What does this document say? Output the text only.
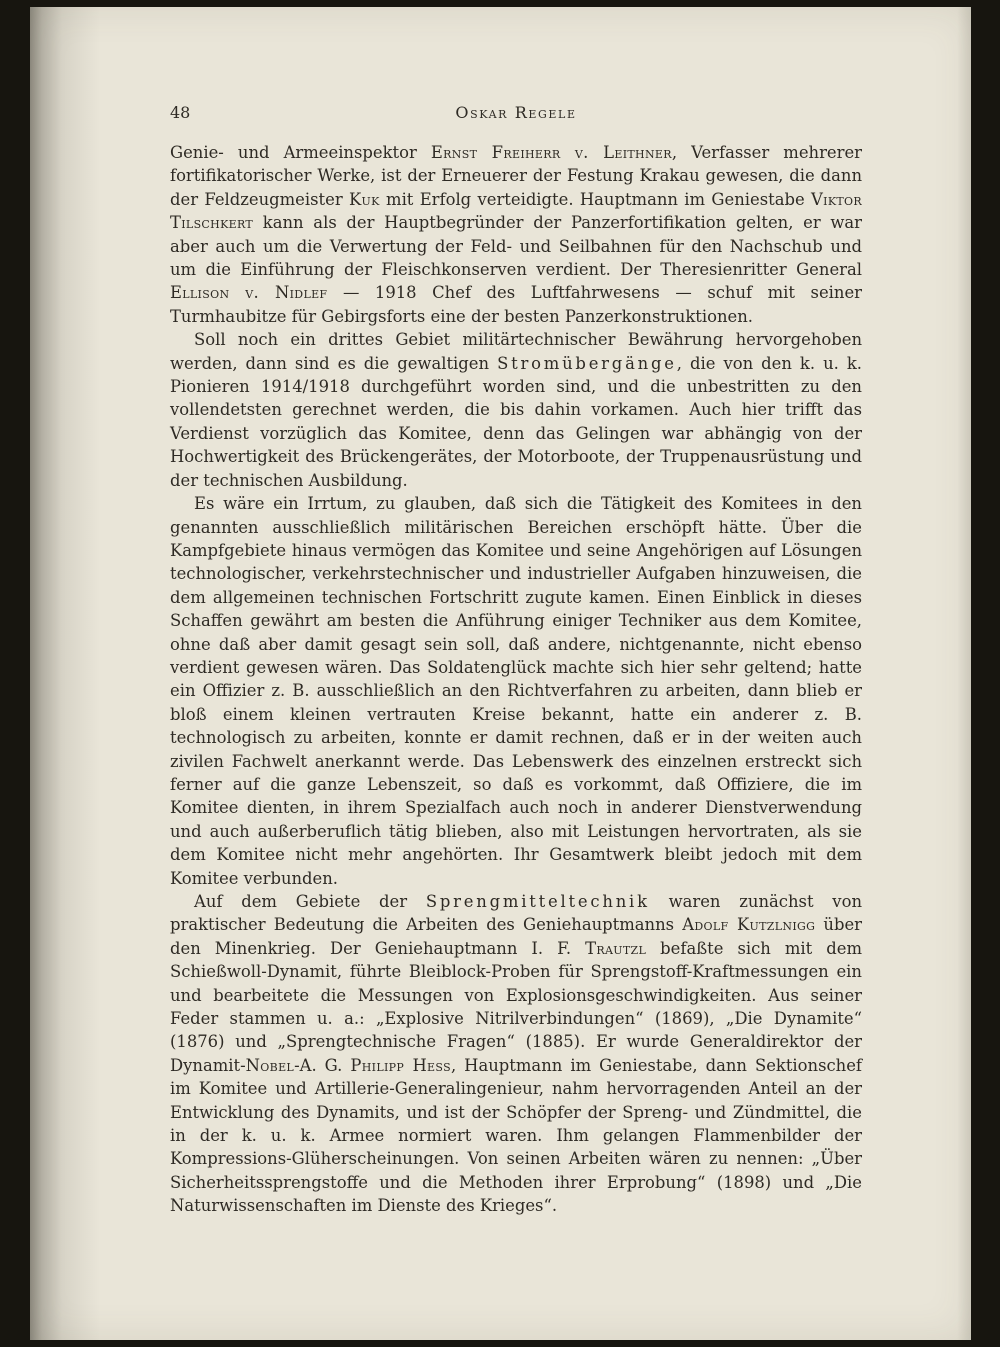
48	Oskar Regele

Genie- und Armeeinspektor Ernst Freiherr v. Leithner, Verfasser mehrerer fortifikatorischer Werke, ist der Erneuerer der Festung Krakau gewesen, die dann der Feldzeugmeister Kuk mit Erfolg verteidigte. Hauptmann im Geniestabe Viktor Tilschkert kann als der Hauptbegründer der Panzerfortifikation gelten, er war aber auch um die Verwertung der Feld- und Seilbahnen für den Nachschub und um die Einführung der Fleischkonserven verdient. Der Theresienritter General Ellison v. Nidlef — 1918 Chef des Luftfahrwesens — schuf mit seiner Turmhaubitze für Gebirgsforts eine der besten Panzerkonstruktionen.

Soll noch ein drittes Gebiet militärtechnischer Bewährung hervorgehoben werden, dann sind es die gewaltigen Stromübergänge, die von den k. u. k. Pionieren 1914/1918 durchgeführt worden sind, und die unbestritten zu den vollendetsten gerechnet werden, die bis dahin vorkamen. Auch hier trifft das Verdienst vorzüglich das Komitee, denn das Gelingen war abhängig von der Hochwertigkeit des Brückengerätes, der Motorboote, der Truppenausrüstung und der technischen Ausbildung.

Es wäre ein Irrtum, zu glauben, daß sich die Tätigkeit des Komitees in den genannten ausschließlich militärischen Bereichen erschöpft hätte. Über die Kampfgebiete hinaus vermögen das Komitee und seine Angehörigen auf Lösungen technologischer, verkehrstechnischer und industrieller Aufgaben hinzuweisen, die dem allgemeinen technischen Fortschritt zugute kamen. Einen Einblick in dieses Schaffen gewährt am besten die Anführung einiger Techniker aus dem Komitee, ohne daß aber damit gesagt sein soll, daß andere, nichtgenannte, nicht ebenso verdient gewesen wären. Das Soldatenglück machte sich hier sehr geltend; hatte ein Offizier z. B. ausschließlich an den Richtverfahren zu arbeiten, dann blieb er bloß einem kleinen vertrauten Kreise bekannt, hatte ein anderer z. B. technologisch zu arbeiten, konnte er damit rechnen, daß er in der weiten auch zivilen Fachwelt anerkannt werde. Das Lebenswerk des einzelnen erstreckt sich ferner auf die ganze Lebenszeit, so daß es vorkommt, daß Offiziere, die im Komitee dienten, in ihrem Spezialfach auch noch in anderer Dienstverwendung und auch außerberuflich tätig blieben, also mit Leistungen hervortraten, als sie dem Komitee nicht mehr angehörten. Ihr Gesamtwerk bleibt jedoch mit dem Komitee verbunden.

Auf dem Gebiete der Sprengmitteltechnik waren zunächst von praktischer Bedeutung die Arbeiten des Geniehauptmanns Adolf Kutzlnigg über den Minenkrieg. Der Geniehauptmann I. F. Trautzl befaßte sich mit dem Schießwoll-Dynamit, führte Bleiblock-Proben für Sprengstoff-Kraftmessungen ein und bearbeitete die Messungen von Explosionsgeschwindigkeiten. Aus seiner Feder stammen u. a.: „Explosive Nitrilverbindungen“ (1869), „Die Dynamite“ (1876) und „Sprengtechnische Fragen“ (1885). Er wurde Generaldirektor der Dynamit-Nobel-A. G. Philipp Hess, Hauptmann im Geniestabe, dann Sektionschef im Komitee und Artillerie-Generalingenieur, nahm hervorragenden Anteil an der Entwicklung des Dynamits, und ist der Schöpfer der Spreng- und Zündmittel, die in der k. u. k. Armee normiert waren. Ihm gelangen Flammenbilder der Kompressions-Glüherscheinungen. Von seinen Arbeiten wären zu nennen: „Über Sicherheitssprengstoffe und die Methoden ihrer Erprobung“ (1898) und „Die Naturwissenschaften im Dienste des Krieges“.
